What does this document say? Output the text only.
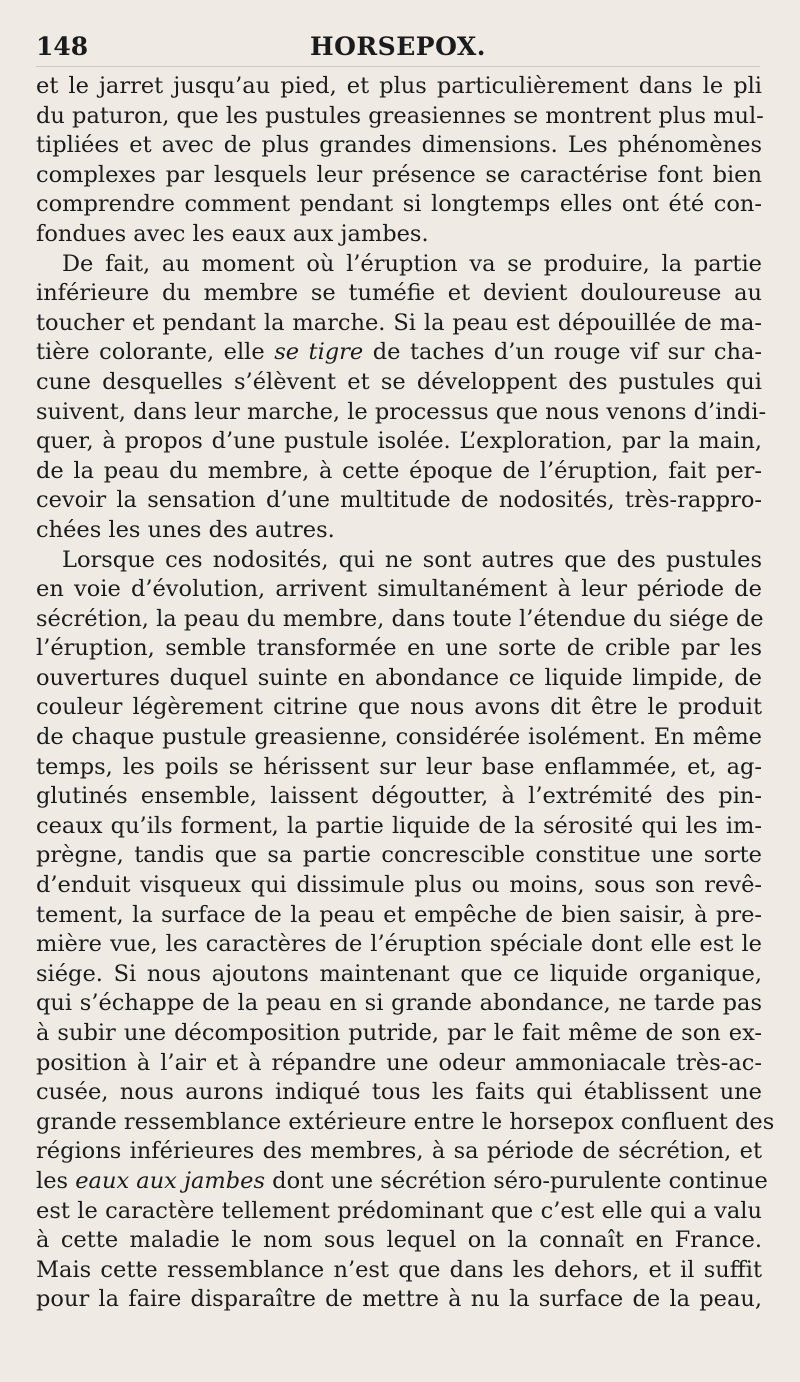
148	HORSEPOX.
et le jarret jusqu’au pied, et plus particulièrement dans le pli
du paturon, que les pustules greasiennes se montrent plus mul-
tipliées et avec de plus grandes dimensions. Les phénomènes
complexes par lesquels leur présence se caractérise font bien
comprendre comment pendant si longtemps elles ont été con-
fondues avec les eaux aux jambes.
De fait, au moment où l’éruption va se produire, la partie
inférieure du membre se tuméfie et devient douloureuse au
toucher et pendant la marche. Si la peau est dépouillée de ma-
tière colorante, elle se tigre de taches d’un rouge vif sur cha-
cune desquelles s’élèvent et se développent des pustules qui
suivent, dans leur marche, le processus que nous venons d’indi-
quer, à propos d’une pustule isolée. L’exploration, par la main,
de la peau du membre, à cette époque de l’éruption, fait per-
cevoir la sensation d’une multitude de nodosités, très-rappro-
chées les unes des autres.
Lorsque ces nodosités, qui ne sont autres que des pustules
en voie d’évolution, arrivent simultanément à leur période de
sécrétion, la peau du membre, dans toute l’étendue du siége de
l’éruption, semble transformée en une sorte de crible par les
ouvertures duquel suinte en abondance ce liquide limpide, de
couleur légèrement citrine que nous avons dit être le produit
de chaque pustule greasienne, considérée isolément. En même
temps, les poils se hérissent sur leur base enflammée, et, ag-
glutinés ensemble, laissent dégoutter, à l’extrémité des pin-
ceaux qu’ils forment, la partie liquide de la sérosité qui les im-
prègne, tandis que sa partie concrescible constitue une sorte
d’enduit visqueux qui dissimule plus ou moins, sous son revê-
tement, la surface de la peau et empêche de bien saisir, à pre-
mière vue, les caractères de l’éruption spéciale dont elle est le
siége. Si nous ajoutons maintenant que ce liquide organique,
qui s’échappe de la peau en si grande abondance, ne tarde pas
à subir une décomposition putride, par le fait même de son ex-
position à l’air et à répandre une odeur ammoniacale très-ac-
cusée, nous aurons indiqué tous les faits qui établissent une
grande ressemblance extérieure entre le horsepox confluent des
régions inférieures des membres, à sa période de sécrétion, et
les eaux aux jambes dont une sécrétion séro-purulente continue
est le caractère tellement prédominant que c’est elle qui a valu
à cette maladie le nom sous lequel on la connaît en France.
Mais cette ressemblance n’est que dans les dehors, et il suffit
pour la faire disparaître de mettre à nu la surface de la peau,
